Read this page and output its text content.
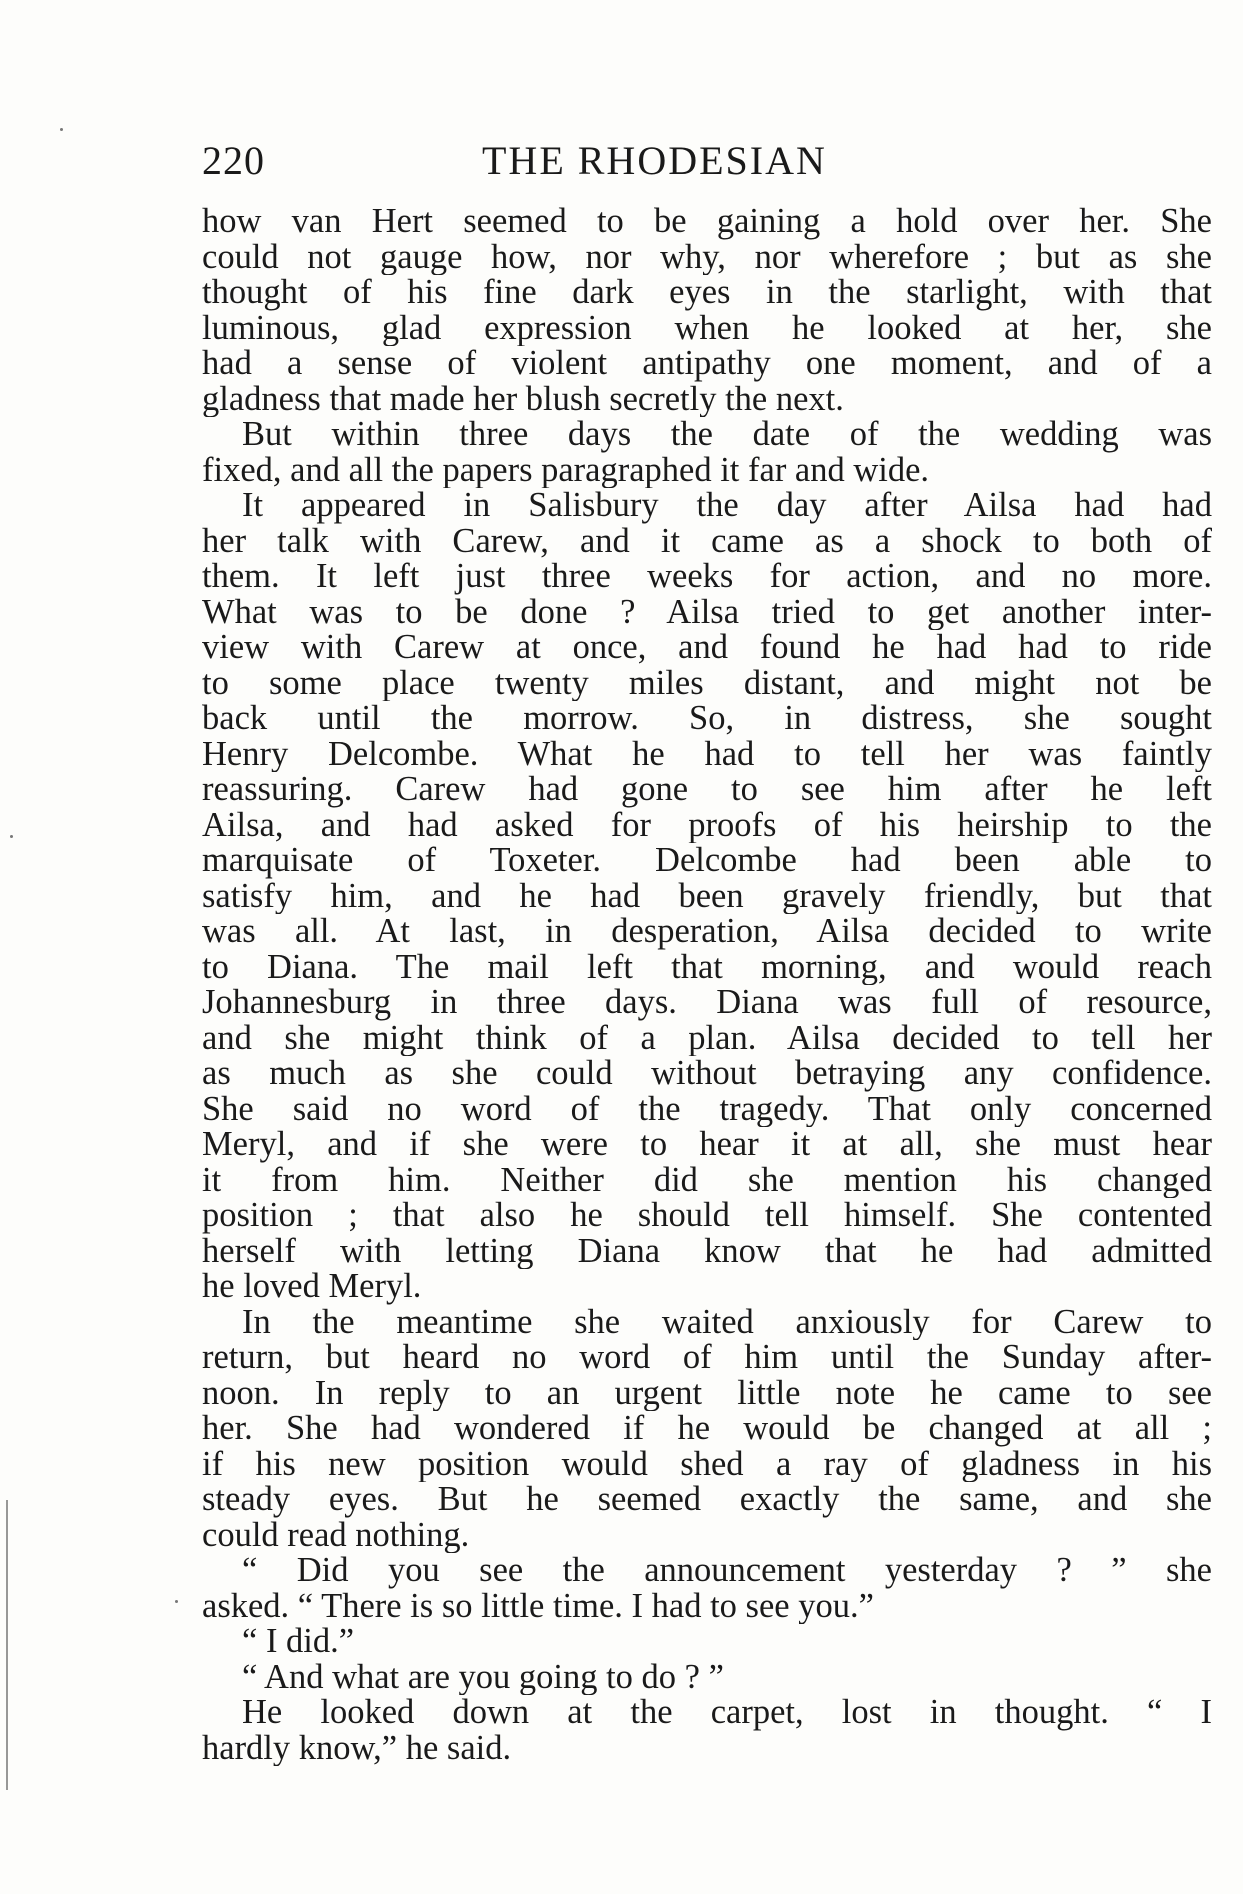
220	THE RHODESIAN
how van Hert seemed to be gaining a hold over her. She
could not gauge how, nor why, nor wherefore ; but as she
thought of his fine dark eyes in the starlight, with that
luminous, glad expression when he looked at her, she
had a sense of violent antipathy one moment, and of a
gladness that made her blush secretly the next.
But within three days the date of the wedding was
fixed, and all the papers paragraphed it far and wide.
It appeared in Salisbury the day after Ailsa had had
her talk with Carew, and it came as a shock to both of
them. It left just three weeks for action, and no more.
What was to be done ? Ailsa tried to get another inter-
view with Carew at once, and found he had had to ride
to some place twenty miles distant, and might not be
back until the morrow. So, in distress, she sought
Henry Delcombe. What he had to tell her was faintly
reassuring. Carew had gone to see him after he left
Ailsa, and had asked for proofs of his heirship to the
marquisate of Toxeter. Delcombe had been able to
satisfy him, and he had been gravely friendly, but that
was all. At last, in desperation, Ailsa decided to write
to Diana. The mail left that morning, and would reach
Johannesburg in three days. Diana was full of resource,
and she might think of a plan. Ailsa decided to tell her
as much as she could without betraying any confidence.
She said no word of the tragedy. That only concerned
Meryl, and if she were to hear it at all, she must hear
it from him. Neither did she mention his changed
position ; that also he should tell himself. She contented
herself with letting Diana know that he had admitted
he loved Meryl.
In the meantime she waited anxiously for Carew to
return, but heard no word of him until the Sunday after-
noon. In reply to an urgent little note he came to see
her. She had wondered if he would be changed at all ;
if his new position would shed a ray of gladness in his
steady eyes. But he seemed exactly the same, and she
could read nothing.
“ Did you see the announcement yesterday ? ” she
asked. “ There is so little time. I had to see you.”
“ I did.”
“ And what are you going to do ? ”
He looked down at the carpet, lost in thought. “ I
hardly know,” he said.
